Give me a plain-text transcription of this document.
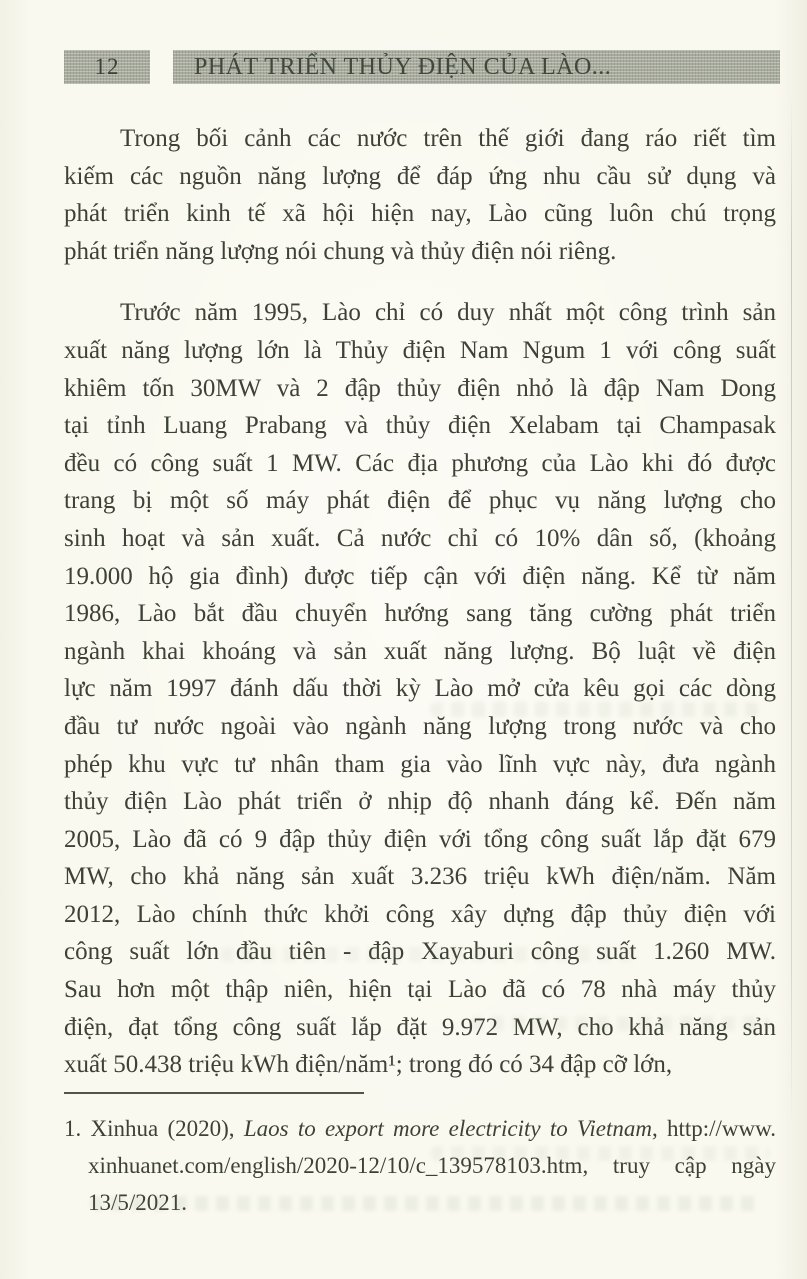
12	PHÁT TRIỂN THỦY ĐIỆN CỦA LÀO...
Trong bối cảnh các nước trên thế giới đang ráo riết tìm
kiếm các nguồn năng lượng để đáp ứng nhu cầu sử dụng và
phát triển kinh tế xã hội hiện nay, Lào cũng luôn chú trọng
phát triển năng lượng nói chung và thủy điện nói riêng.
Trước năm 1995, Lào chỉ có duy nhất một công trình sản
xuất năng lượng lớn là Thủy điện Nam Ngum 1 với công suất
khiêm tốn 30MW và 2 đập thủy điện nhỏ là đập Nam Dong
tại tỉnh Luang Prabang và thủy điện Xelabam tại Champasak
đều có công suất 1 MW. Các địa phương của Lào khi đó được
trang bị một số máy phát điện để phục vụ năng lượng cho
sinh hoạt và sản xuất. Cả nước chỉ có 10% dân số, (khoảng
19.000 hộ gia đình) được tiếp cận với điện năng. Kể từ năm
1986, Lào bắt đầu chuyển hướng sang tăng cường phát triển
ngành khai khoáng và sản xuất năng lượng. Bộ luật về điện
lực năm 1997 đánh dấu thời kỳ Lào mở cửa kêu gọi các dòng
đầu tư nước ngoài vào ngành năng lượng trong nước và cho
phép khu vực tư nhân tham gia vào lĩnh vực này, đưa ngành
thủy điện Lào phát triển ở nhịp độ nhanh đáng kể. Đến năm
2005, Lào đã có 9 đập thủy điện với tổng công suất lắp đặt 679
MW, cho khả năng sản xuất 3.236 triệu kWh điện/năm. Năm
2012, Lào chính thức khởi công xây dựng đập thủy điện với
công suất lớn đầu tiên - đập Xayaburi công suất 1.260 MW.
Sau hơn một thập niên, hiện tại Lào đã có 78 nhà máy thủy
điện, đạt tổng công suất lắp đặt 9.972 MW, cho khả năng sản
xuất 50.438 triệu kWh điện/năm¹; trong đó có 34 đập cỡ lớn,
1. Xinhua (2020), Laos to export more electricity to Vietnam, http://www.
xinhuanet.com/english/2020-12/10/c_139578103.htm, truy cập ngày
13/5/2021.
